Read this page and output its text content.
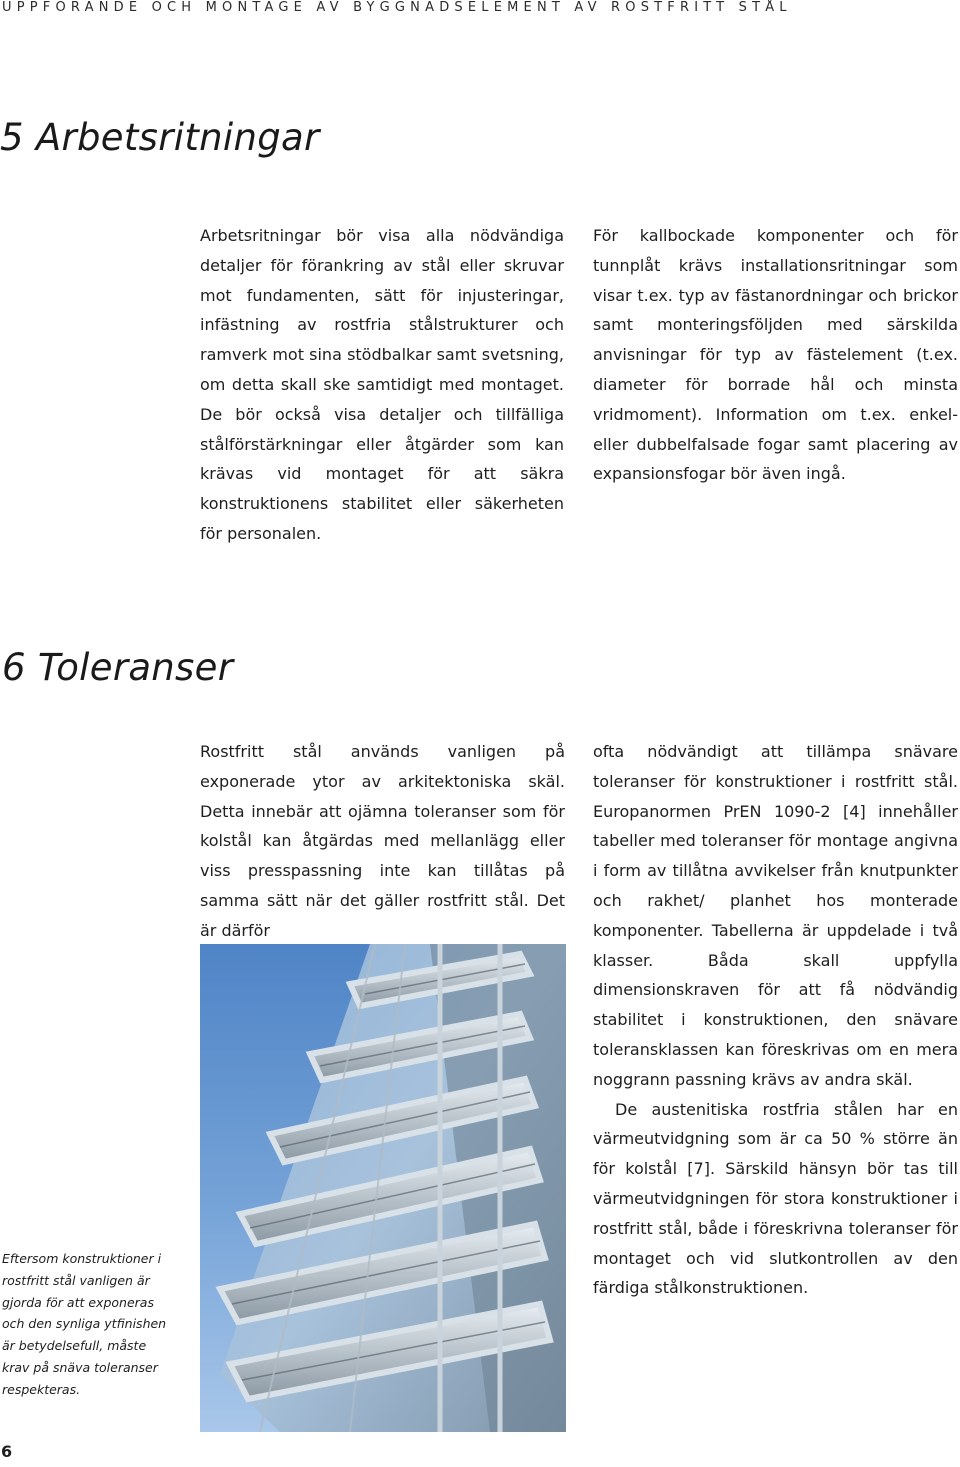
UPPFÖRANDE OCH MONTAGE AV BYGGNADSELEMENT AV ROSTFRITT STÅL
5 Arbetsritningar

Arbetsritningar bör visa alla nödvändiga detaljer för förankring av stål eller skruvar mot fundamenten, sätt för injusteringar, infästning av rostfria stålstrukturer och ramverk mot sina stödbalkar samt svetsning, om detta skall ske samtidigt med montaget. De bör också visa detaljer och tillfälliga stålförstärkningar eller åtgärder som kan krävas vid montaget för att säkra konstruktionens stabilitet eller säkerheten för personalen.

För kallbockade komponenter och för tunnplåt krävs installationsritningar som visar t.ex. typ av fästanordningar och brickor samt monteringsföljden med särskilda anvisningar för typ av fästelement (t.ex. diameter för borrade hål och minsta vridmoment). Information om t.ex. enkel- eller dubbelfalsade fogar samt placering av expansionsfogar bör även ingå.

6 Toleranser

Rostfritt stål används vanligen på exponerade ytor av arkitektoniska skäl. Detta innebär att ojämna toleranser som för kolstål kan åtgärdas med mellanlägg eller viss presspassning inte kan tillåtas på samma sätt när det gäller rostfritt stål. Det är därför

ofta nödvändigt att tillämpa snävare toleranser för konstruktioner i rostfritt stål. Europanormen PrEN 1090-2 [4] innehåller tabeller med toleranser för montage angivna i form av tillåtna avvikelser från knutpunkter och rakhet/ planhet hos monterade komponenter. Tabellerna är uppdelade i två klasser. Båda skall uppfylla dimensionskraven för att få nödvändig stabilitet i konstruktionen, den snävare toleransklassen kan föreskrivas om en mera noggrann passning krävs av andra skäl.

De austenitiska rostfria stålen har en värmeutvidgning som är ca 50 % större än för kolstål [7]. Särskild hänsyn bör tas till värmeutvidgningen för stora konstruktioner i rostfritt stål, både i föreskrivna toleranser för montaget och vid slutkontrollen av den färdiga stålkonstruktionen.

Eftersom konstruktioner i rostfritt stål vanligen är gjorda för att exponeras och den synliga ytfinishen är betydelsefull, måste krav på snäva toleranser respekteras.
6
